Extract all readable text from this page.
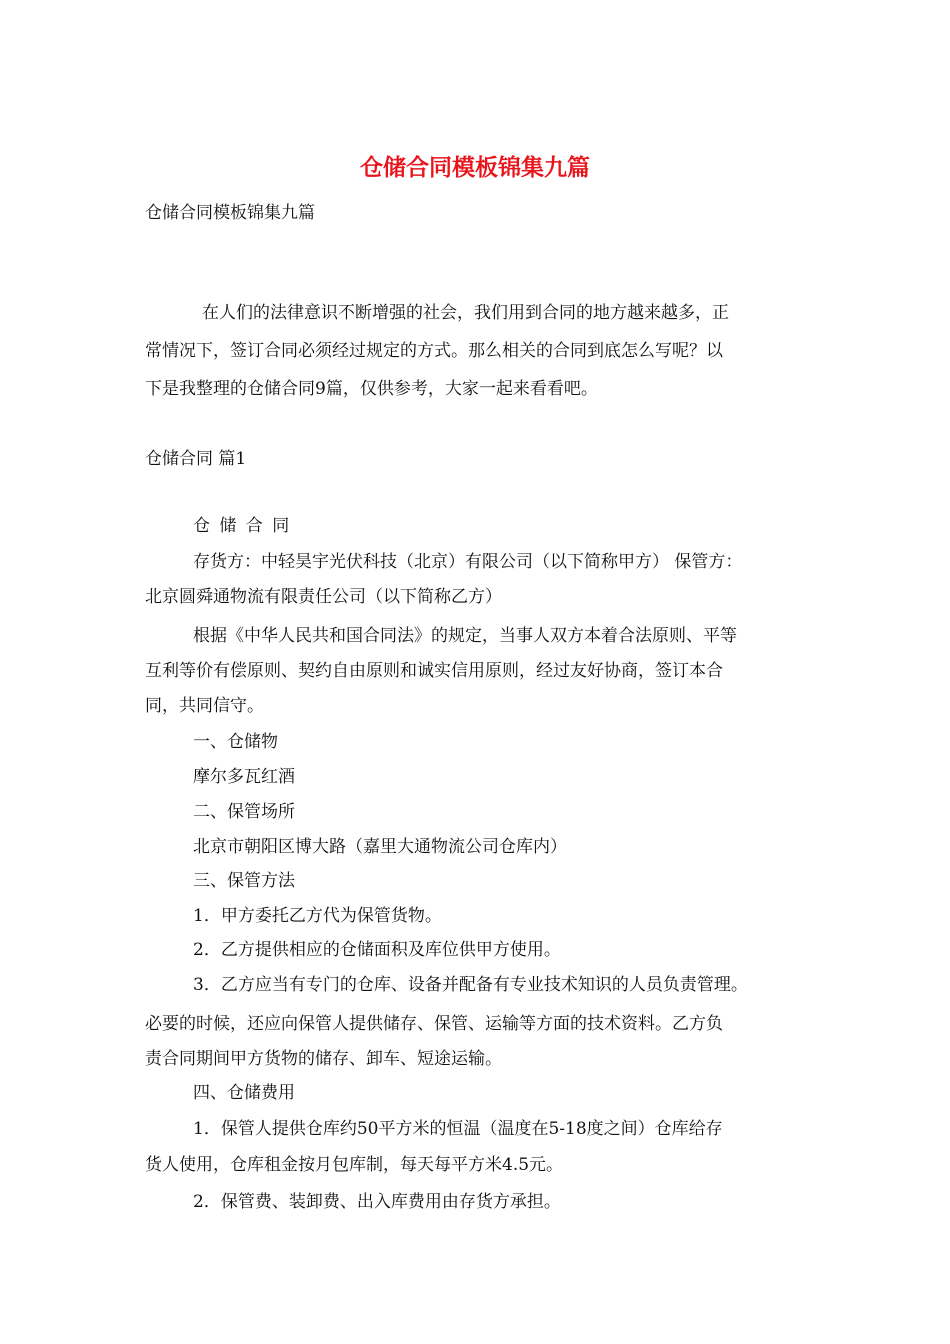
仓储合同模板锦集九篇
仓储合同模板锦集九篇
在人们的法律意识不断增强的社会，我们用到合同的地方越来越多，正
常情况下，签订合同必须经过规定的方式。那么相关的合同到底怎么写呢？以
下是我整理的仓储合同9篇，仅供参考，大家一起来看看吧。
仓储合同 篇1
仓 储 合 同
存货方：中轻昊宇光伏科技（北京）有限公司（以下简称甲方） 保管方：
北京圆舜通物流有限责任公司（以下简称乙方）
根据《中华人民共和国合同法》的规定，当事人双方本着合法原则、平等
互利等价有偿原则、契约自由原则和诚实信用原则，经过友好协商，签订本合
同，共同信守。
一、仓储物
摩尔多瓦红酒
二、保管场所
北京市朝阳区博大路（嘉里大通物流公司仓库内）
三、保管方法
1．甲方委托乙方代为保管货物。
2．乙方提供相应的仓储面积及库位供甲方使用。
3．乙方应当有专门的仓库、设备并配备有专业技术知识的人员负责管理。
必要的时候，还应向保管人提供储存、保管、运输等方面的技术资料。乙方负
责合同期间甲方货物的储存、卸车、短途运输。
四、仓储费用
1．保管人提供仓库约50平方米的恒温（温度在5-18度之间）仓库给存
货人使用，仓库租金按月包库制，每天每平方米4.5元。
2．保管费、装卸费、出入库费用由存货方承担。
